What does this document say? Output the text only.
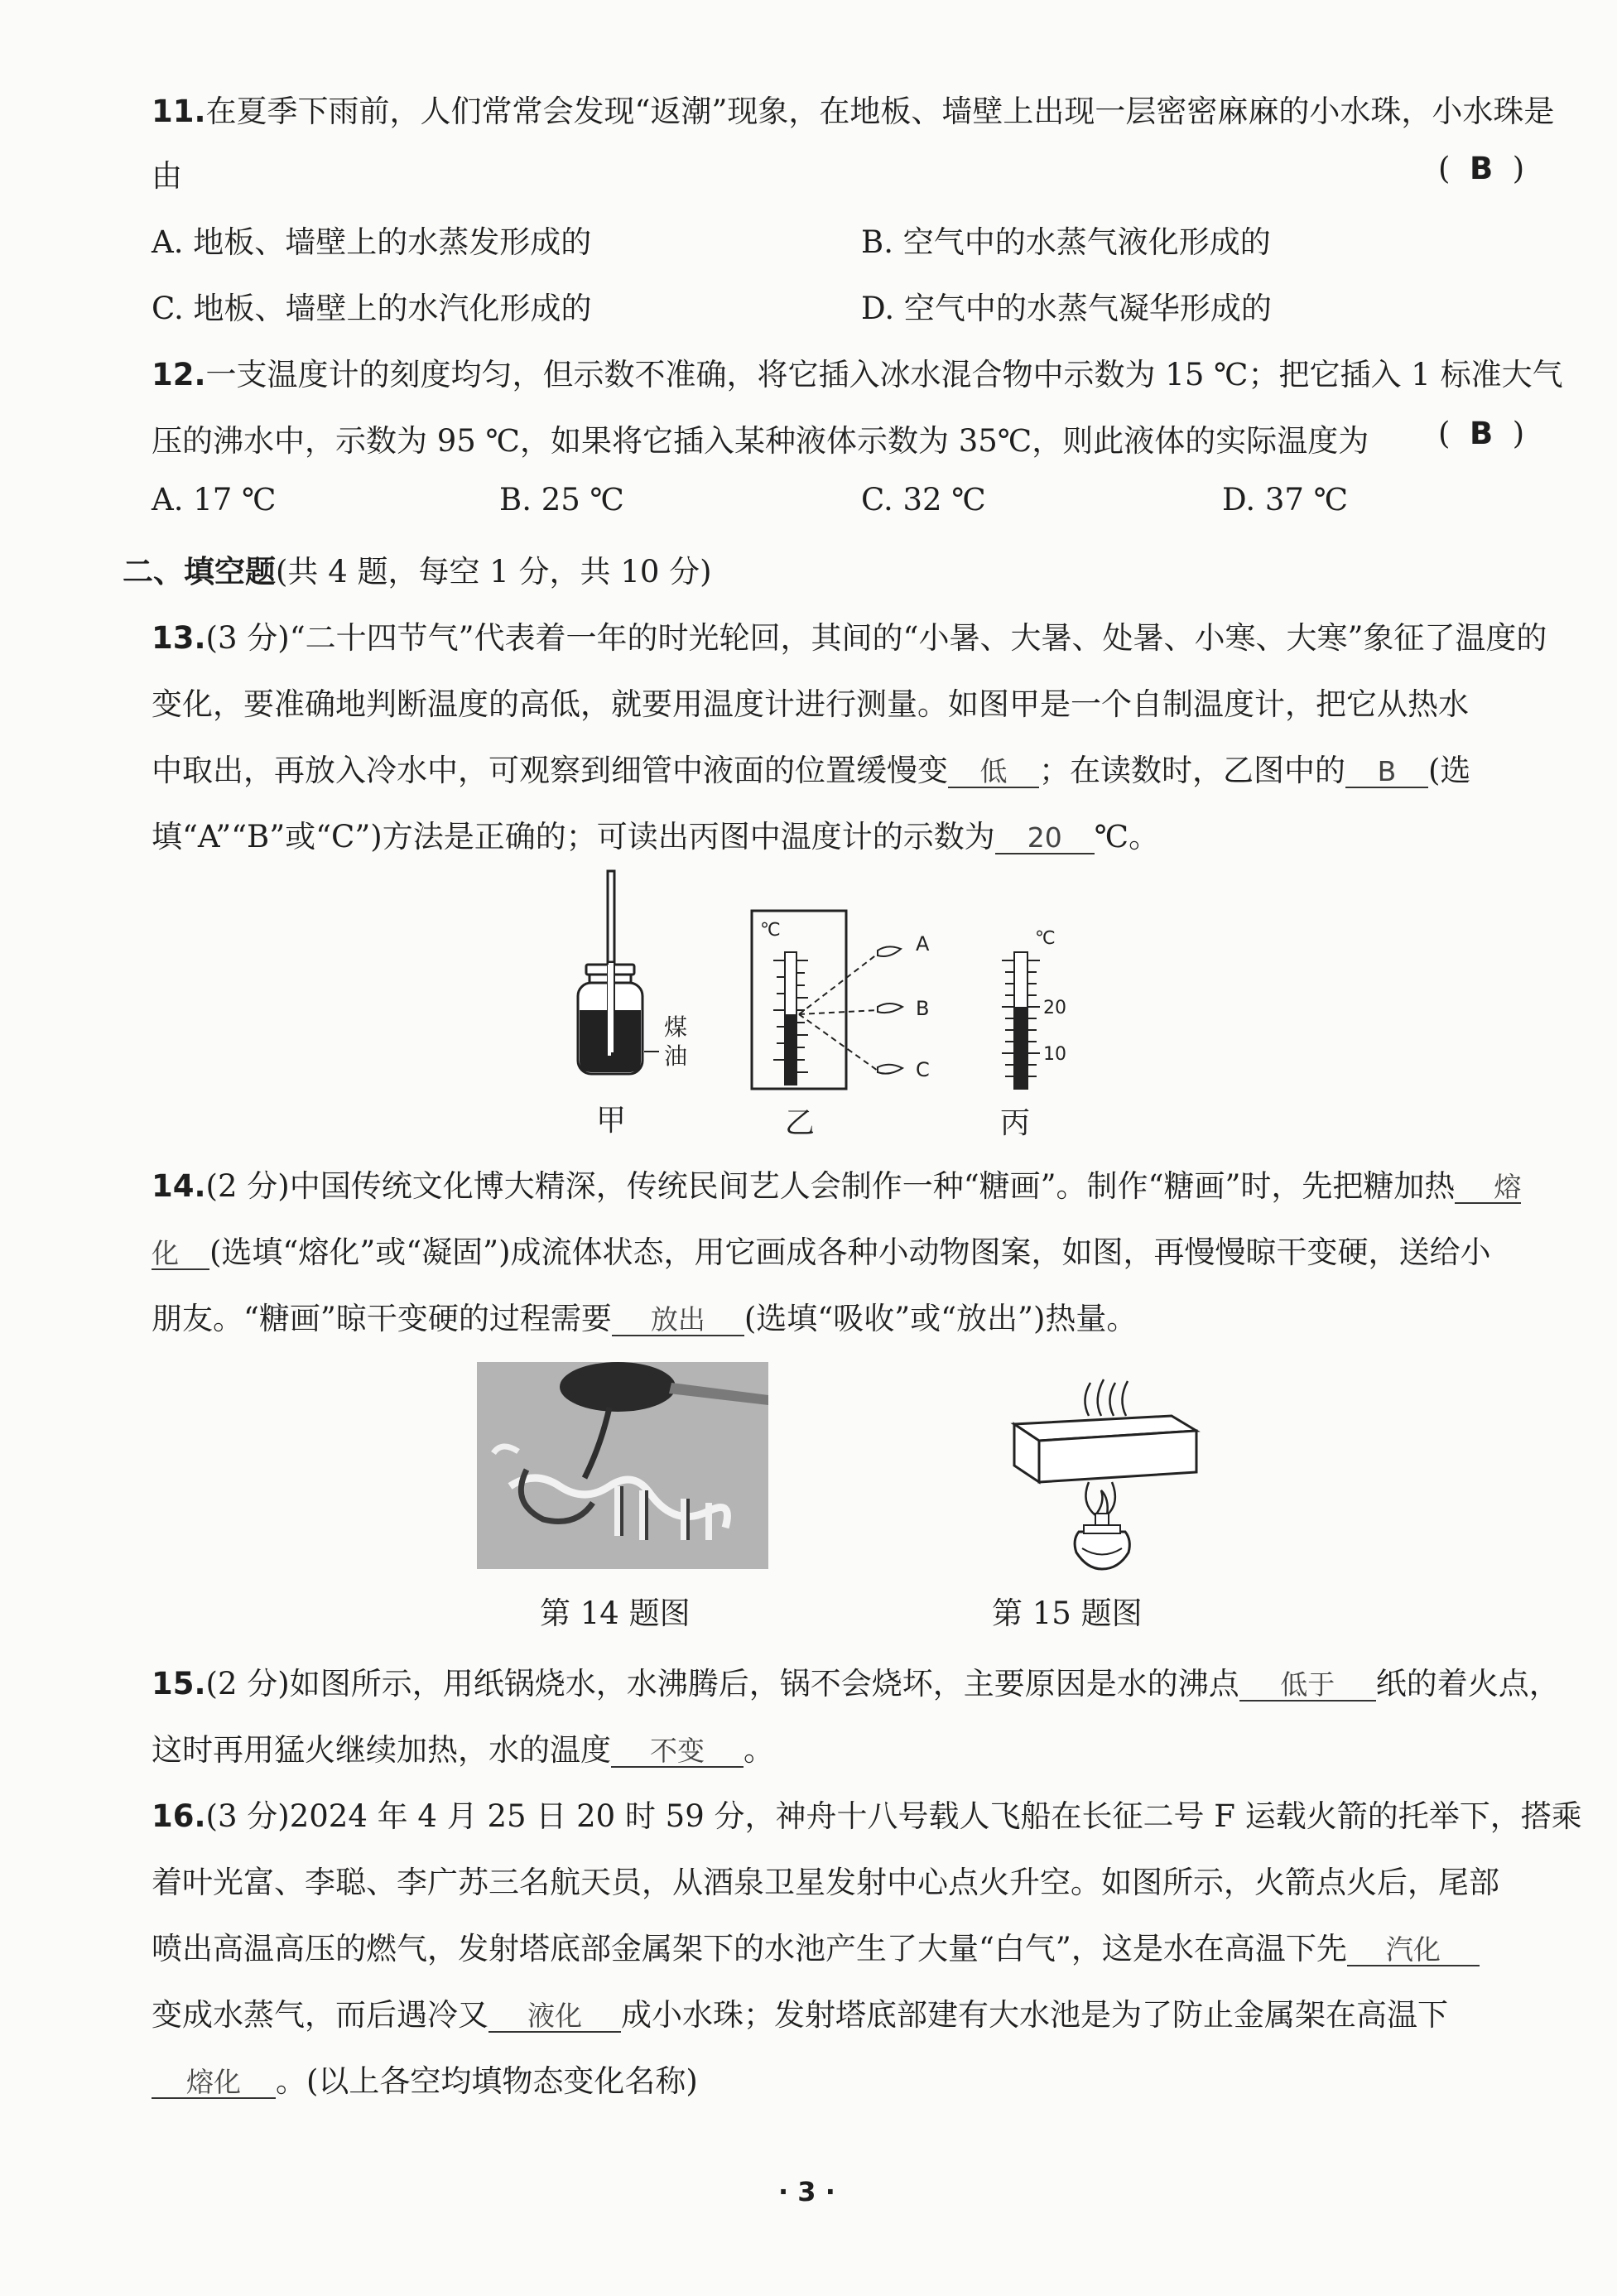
11.在夏季下雨前，人们常常会发现“返潮”现象，在地板、墙壁上出现一层密密麻麻的小水珠，小水珠是
由	(  B  )
A. 地板、墙壁上的水蒸发形成的	B. 空气中的水蒸气液化形成的
C. 地板、墙壁上的水汽化形成的	D. 空气中的水蒸气凝华形成的
12.一支温度计的刻度均匀，但示数不准确，将它插入冰水混合物中示数为 15 ℃；把它插入 1 标准大气
压的沸水中，示数为 95 ℃，如果将它插入某种液体示数为 35℃，则此液体的实际温度为 (  B  )
A. 17 ℃	B. 25 ℃	C. 32 ℃	D. 37 ℃
二、填空题(共 4 题，每空 1 分，共 10 分)
13.(3 分)“二十四节气”代表着一年的时光轮回，其间的“小暑、大暑、处暑、小寒、大寒”象征了温度的
变化，要准确地判断温度的高低，就要用温度计进行测量。如图甲是一个自制温度计，把它从热水
中取出，再放入冷水中，可观察到细管中液面的位置缓慢变 低 ；在读数时，乙图中的 B (选
填“A”“B”或“C”)方法是正确的；可读出丙图中温度计的示数为 20 ℃。
煤
油
℃
A
B
C
℃
20
10
甲	乙	丙
14.(2 分)中国传统文化博大精深，传统民间艺人会制作一种“糖画”。制作“糖画”时，先把糖加热 熔
化 (选填“熔化”或“凝固”)成流体状态，用它画成各种小动物图案，如图，再慢慢晾干变硬，送给小
朋友。“糖画”晾干变硬的过程需要 放出 (选填“吸收”或“放出”)热量。
第 14 题图	第 15 题图
15.(2 分)如图所示，用纸锅烧水，水沸腾后，锅不会烧坏，主要原因是水的沸点 低于 纸的着火点，
这时再用猛火继续加热，水的温度 不变 。
16.(3 分)2024 年 4 月 25 日 20 时 59 分，神舟十八号载人飞船在长征二号 F 运载火箭的托举下，搭乘
着叶光富、李聪、李广苏三名航天员，从酒泉卫星发射中心点火升空。如图所示，火箭点火后，尾部
喷出高温高压的燃气，发射塔底部金属架下的水池产生了大量“白气”，这是水在高温下先 汽化
变成水蒸气，而后遇冷又 液化 成小水珠；发射塔底部建有大水池是为了防止金属架在高温下
熔化 。(以上各空均填物态变化名称)
· 3 ·
